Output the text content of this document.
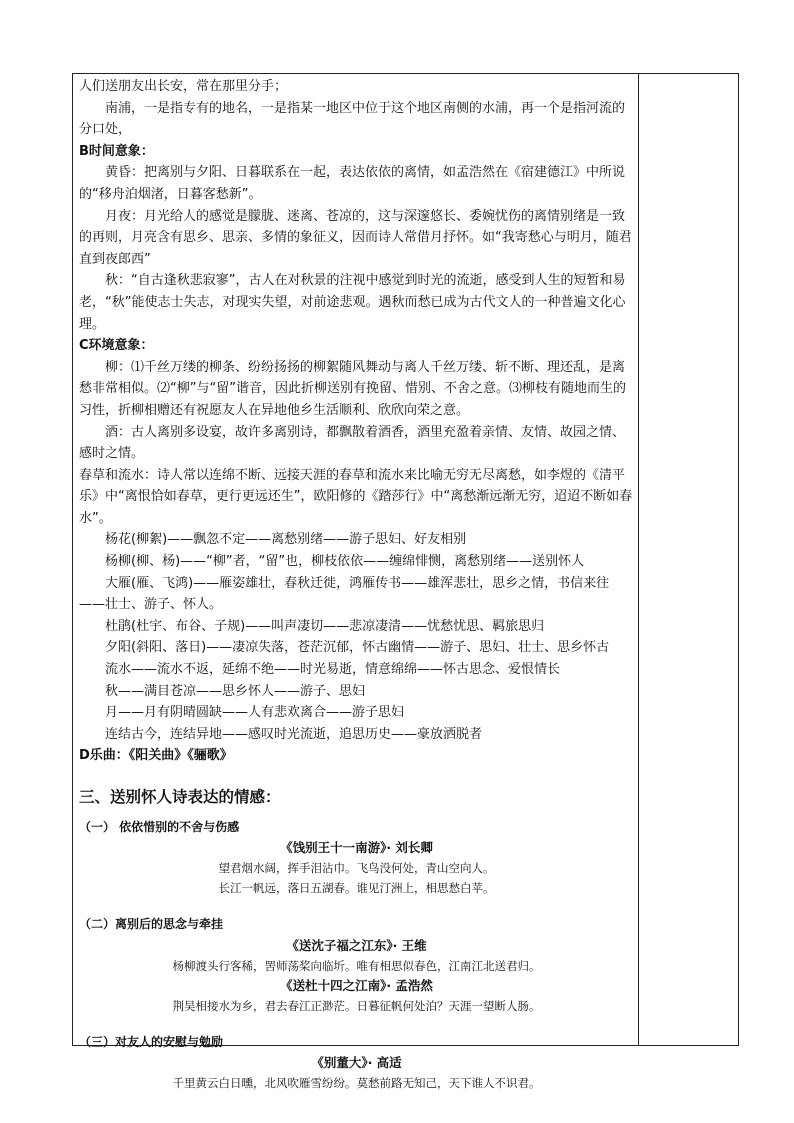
人们送朋友出长安，常在那里分手；

南浦，一是指专有的地名，一是指某一地区中位于这个地区南侧的水浦，再一个是指河流的分口处，

B时间意象：

黄昏：把离别与夕阳、日暮联系在一起，表达依依的离情，如孟浩然在《宿建德江》中所说的“移舟泊烟渚，日暮客愁新”。

月夜：月光给人的感觉是朦胧、迷离、苍凉的，这与深邃悠长、委婉忧伤的离情别绪是一致的再则，月亮含有思乡、思亲、多情的象征义，因而诗人常借月抒怀。如“我寄愁心与明月，随君直到夜郎西”

秋：“自古逢秋悲寂寥”，古人在对秋景的注视中感觉到时光的流逝，感受到人生的短暂和易老，“秋”能使志士失志，对现实失望，对前途悲观。遇秋而愁已成为古代文人的一种普遍文化心理。

C环境意象：

柳：⑴千丝万缕的柳条、纷纷扬扬的柳絮随风舞动与离人千丝万缕、斩不断、理还乱，是离愁非常相似。⑵“柳”与“留”谐音，因此折柳送别有挽留、惜别、不舍之意。⑶柳枝有随地而生的习性，折柳相赠还有祝愿友人在异地他乡生活顺利、欣欣向荣之意。

酒：古人离别多设宴，故许多离别诗，都飘散着酒香，酒里充盈着亲情、友情、故园之情、感时之情。

春草和流水：诗人常以连绵不断、远接天涯的春草和流水来比喻无穷无尽离愁，如李煜的《清平乐》中“离恨恰如春草，更行更远还生”，欧阳修的《踏莎行》中“离愁渐远渐无穷，迢迢不断如春水”。

杨花(柳絮)——飘忽不定——离愁别绪——游子思妇、好友相别

杨柳(柳、杨)——“柳”者，“留”也，柳枝依依——缠绵悱恻，离愁别绪——送别怀人

大雁(雁、飞鸿)——雁姿雄壮，春秋迁徙，鸿雁传书——雄浑悲壮，思乡之情，书信来往——壮士、游子、怀人。

杜鹃(杜宇、布谷、子规)——叫声凄切——悲凉凄清——忧愁忧思、羁旅思归

夕阳(斜阳、落日)——凄凉失落，苍茫沉郁，怀古幽情——游子、思妇、壮士、思乡怀古

流水——流水不返，延绵不绝——时光易逝，情意绵绵——怀古思念、爱恨情长

秋——满目苍凉——思乡怀人——游子、思妇

月——月有阴晴圆缺——人有悲欢离合——游子思妇

连结古今，连结异地——感叹时光流逝，追思历史——豪放洒脱者

D乐曲：《阳关曲》《骊歌》

三、送别怀人诗表达的情感：

（一） 依依惜别的不舍与伤感

《饯别王十一南游》· 刘长卿

望君烟水阔，挥手泪沾巾。飞鸟没何处，青山空向人。

长江一帆远，落日五湖春。谁见汀洲上，相思愁白苹。

（二）离别后的思念与牵挂

《送沈子福之江东》· 王维

杨柳渡头行客稀，罟师荡桨向临圻。唯有相思似春色，江南江北送君归。

《送杜十四之江南》· 孟浩然

荆吴相接水为乡，君去春江正渺茫。日暮征帆何处泊？天涯一望断人肠。

（三）对友人的安慰与勉励

《别董大》· 高适

千里黄云白日曛，北风吹雁雪纷纷。莫愁前路无知己，天下谁人不识君。
